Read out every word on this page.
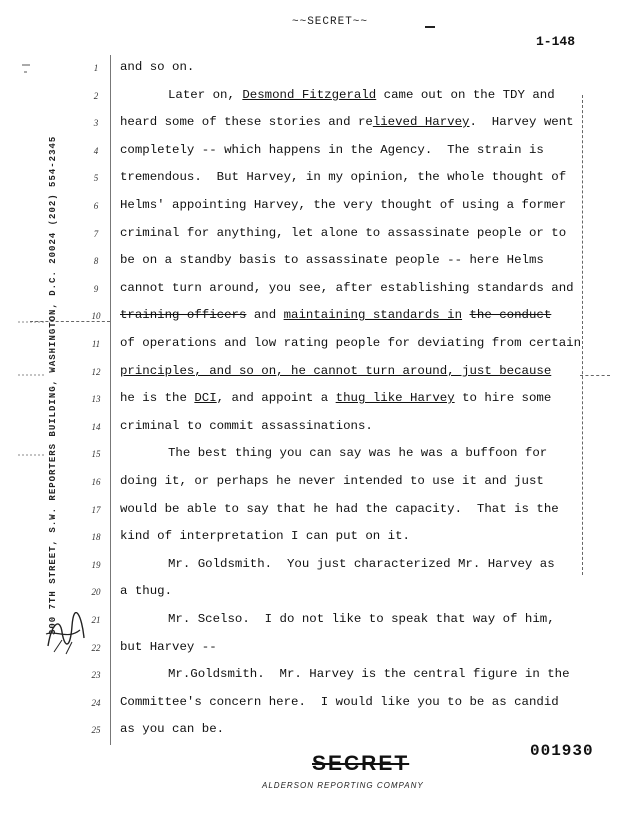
~~SECRET~~
1-148
300 7TH STREET, S.W. REPORTERS BUILDING, WASHINGTON, D.C. 20024 (202) 554-2345
1	and so on.
2	Later on, Desmond Fitzgerald came out on the TDY and
3	heard some of these stories and relieved Harvey.  Harvey went
4	completely -- which happens in the Agency.  The strain is
5	tremendous.  But Harvey, in my opinion, the whole thought of
6	Helms' appointing Harvey, the very thought of using a former
7	criminal for anything, let alone to assassinate people or to
8	be on a standby basis to assassinate people -- here Helms
9	cannot turn around, you see, after establishing standards and
10	training officers and maintaining standards in the conduct
11	of operations and low rating people for deviating from certain
12	principles, and so on, he cannot turn around, just because
13	he is the DCI, and appoint a thug like Harvey to hire some
14	criminal to commit assassinations.
15	The best thing you can say was he was a buffoon for
16	doing it, or perhaps he never intended to use it and just
17	would be able to say that he had the capacity.  That is the
18	kind of interpretation I can put on it.
19	Mr. Goldsmith.  You just characterized Mr. Harvey as
20	a thug.
21	Mr. Scelso.  I do not like to speak that way of him,
22	but Harvey --
23	Mr.Goldsmith.  Mr. Harvey is the central figure in the
24	Committee's concern here.  I would like you to be as candid
25	as you can be.
001930
SECRET
ALDERSON REPORTING COMPANY
